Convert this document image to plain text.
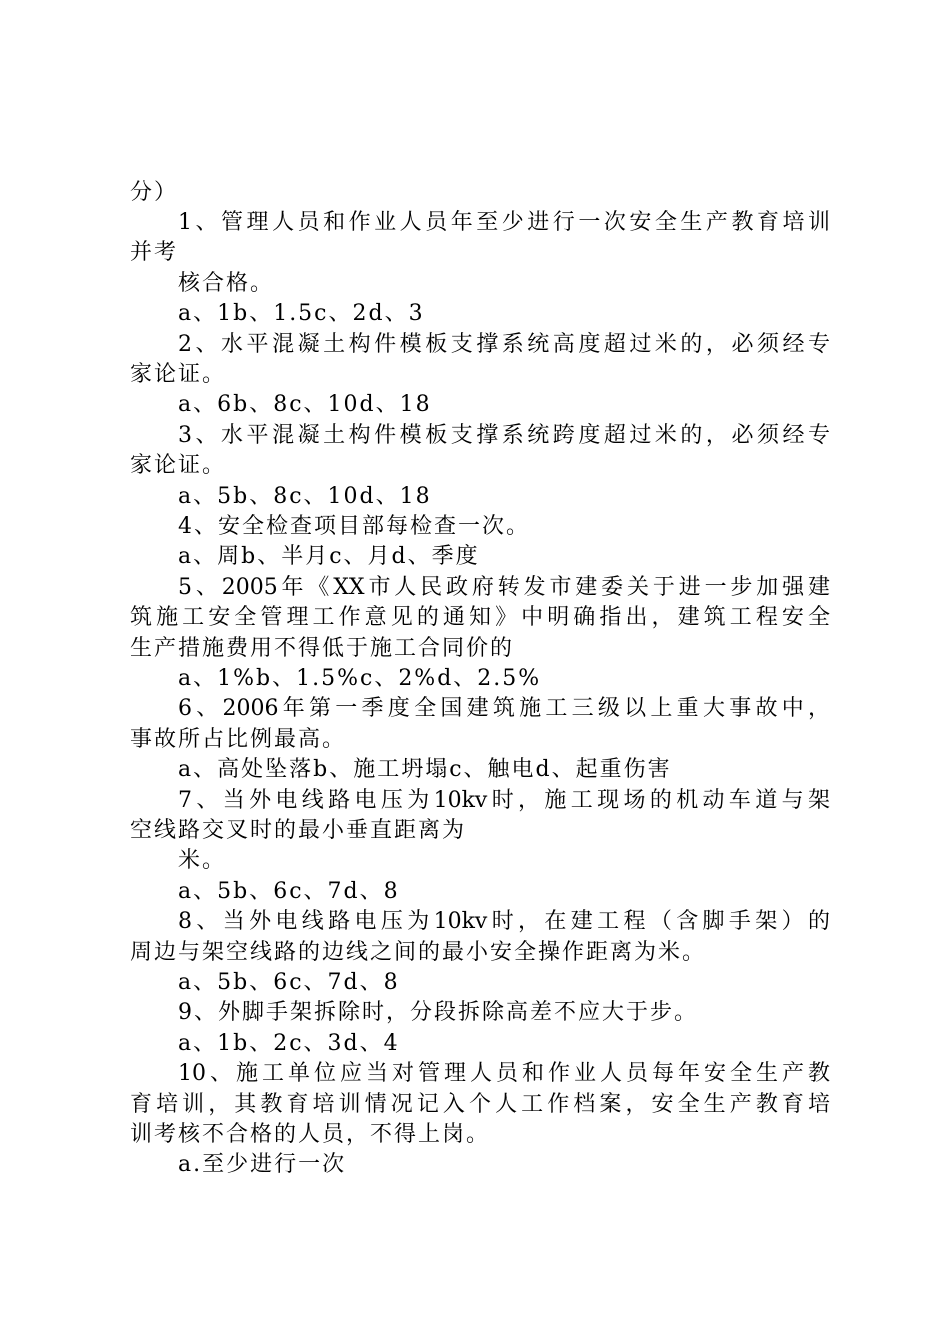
分）
1、管理人员和作业人员年至少进行一次安全生产教育培训
并考
核合格。
a、1b、1.5c、2d、3
2、水平混凝土构件模板支撑系统高度超过米的，必须经专
家论证。
a、6b、8c、10d、18
3、水平混凝土构件模板支撑系统跨度超过米的，必须经专
家论证。
a、5b、8c、10d、18
4、安全检查项目部每检查一次。
a、周b、半月c、月d、季度
5、2005年《XX市人民政府转发市建委关于进一步加强建
筑施工安全管理工作意见的通知》中明确指出，建筑工程安全
生产措施费用不得低于施工合同价的
a、1%b、1.5%c、2%d、2.5%
6、2006年第一季度全国建筑施工三级以上重大事故中，
事故所占比例最高。
a、高处坠落b、施工坍塌c、触电d、起重伤害
7、当外电线路电压为10kv时，施工现场的机动车道与架
空线路交叉时的最小垂直距离为
米。
a、5b、6c、7d、8
8、当外电线路电压为10kv时，在建工程（含脚手架）的
周边与架空线路的边线之间的最小安全操作距离为米。
a、5b、6c、7d、8
9、外脚手架拆除时，分段拆除高差不应大于步。
a、1b、2c、3d、4
10、施工单位应当对管理人员和作业人员每年安全生产教
育培训，其教育培训情况记入个人工作档案，安全生产教育培
训考核不合格的人员，不得上岗。
a.至少进行一次
